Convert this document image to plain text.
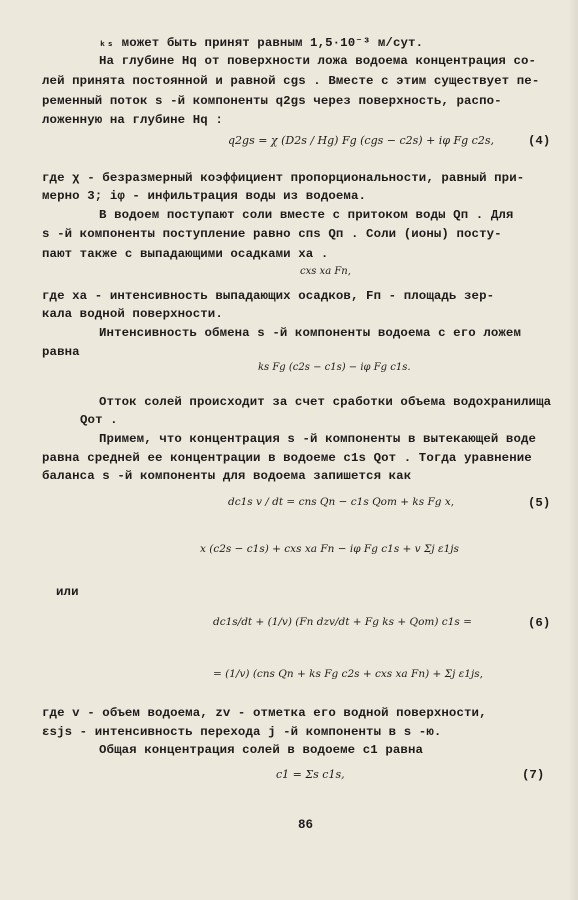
ₖₛ может быть принят равным 1,5·10⁻³ м/сут.
На глубине Hq от поверхности ложа водоема концентрация со-
лей принята постоянной и равной cgs . Вместе с этим существует пе-
ременный поток s -й компоненты q2gs через поверхность, распо-
ложенную на глубине Hq :
q2gs = χ (D2s / Hg) Fg (cgs − c2s) + iφ Fg c2s,	(4)
где χ - безразмерный коэффициент пропорциональности, равный при-
мерно 3; iφ - инфильтрация воды из водоема.
В водоем поступают соли вместе с притоком воды Qп . Для
s -й компоненты поступление равно cпs Qп . Соли (ионы) посту-
пают также с выпадающими осадками xа .
cxs xа Fп,
где xа - интенсивность выпадающих осадков, Fп - площадь зер-
кала водной поверхности.
Интенсивность обмена s -й компоненты водоема с его ложем
равна
ks Fg (c2s − c1s) − iφ Fg c1s.
Отток солей происходит за счет сработки объема водохранилища
Qот .
Примем, что концентрация s -й компоненты в вытекающей воде
равна средней ее концентрации в водоеме c1s Qот . Тогда уравнение
баланса s -й компоненты для водоема запишется как
dc1s v / dt = cпs Qп − c1s Qот + ks Fg x,	(5)
x (c2s − c1s) + cxs xа Fп − iφ Fg c1s + v Σj ε1js
или
dc1s/dt + (1/v) (Fп dzv/dt + Fg ks + Qот) c1s =	(6)
= (1/v) (cпs Qп + ks Fg c2s + cxs xа Fп) + Σj ε1js,
где v - объем водоема, zv - отметка его водной поверхности,
ɛsjs - интенсивность перехода j -й компоненты в s -ю.
Общая концентрация солей в водоеме c1 равна
c1 = Σs c1s,	(7)
86
